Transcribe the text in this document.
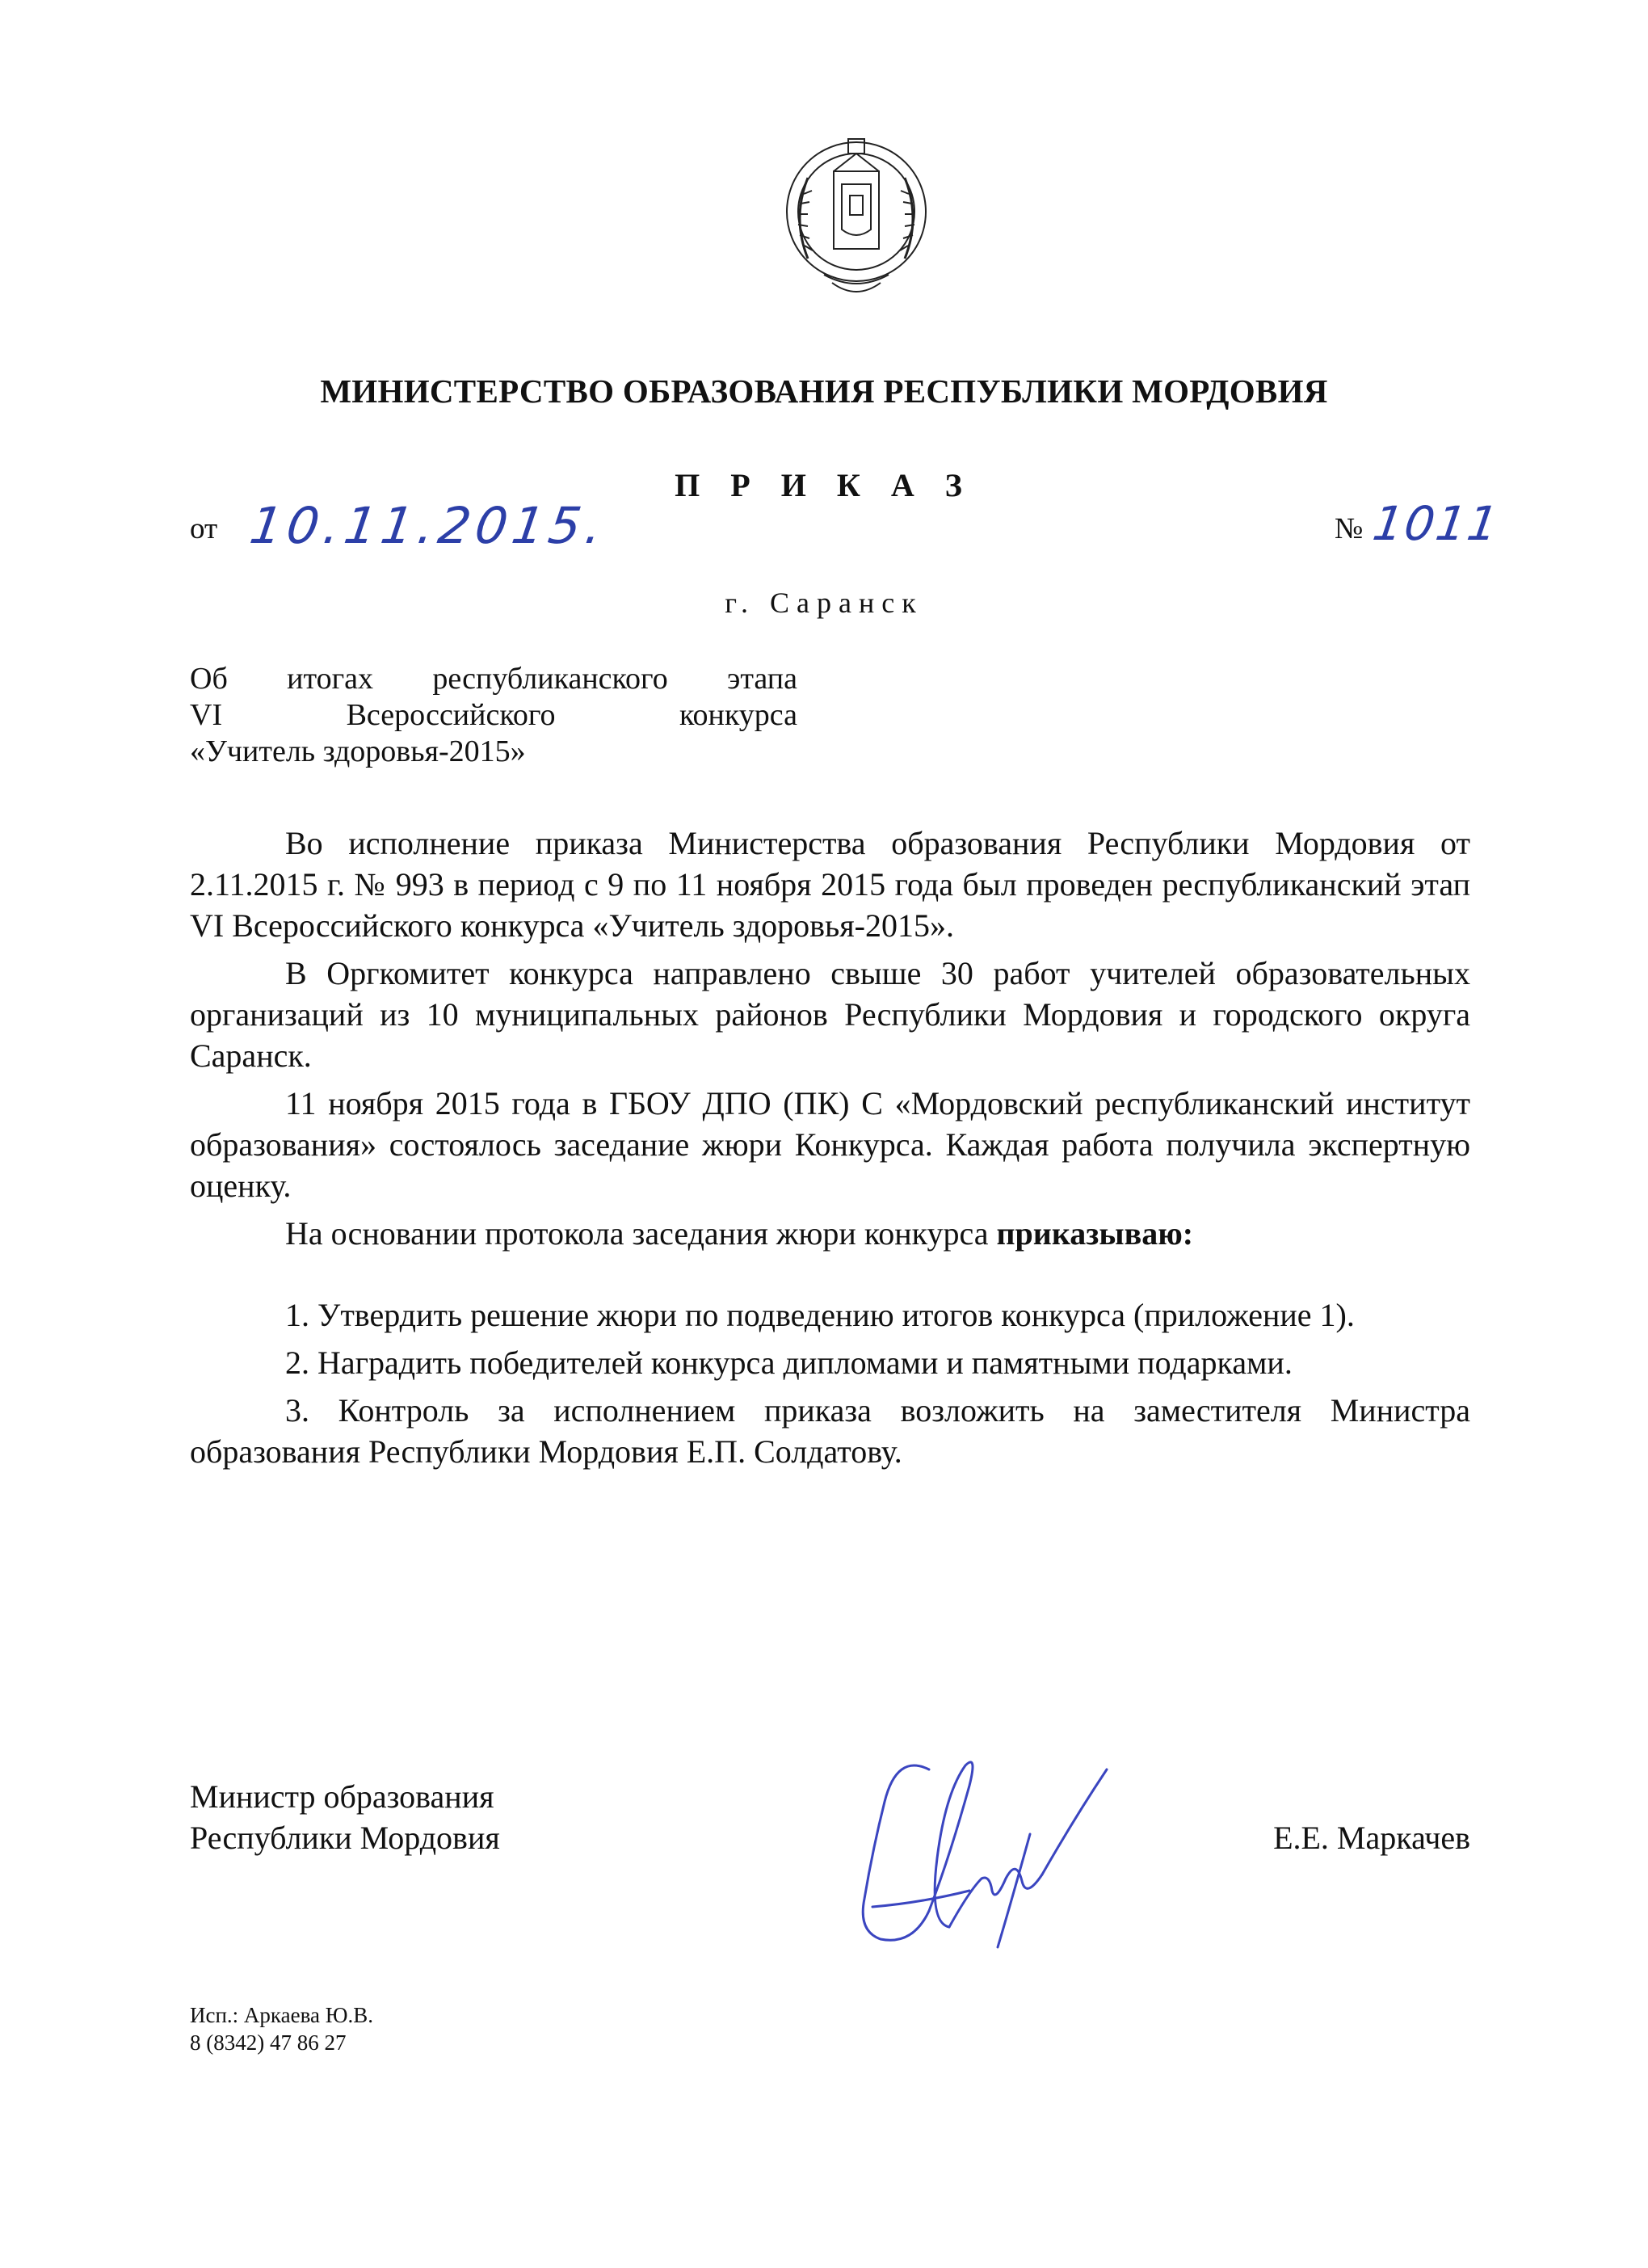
МИНИСТЕРСТВО ОБРАЗОВАНИЯ РЕСПУБЛИКИ МОРДОВИЯ
П Р И К А З
от 10.11.2015.	№ 1011
г. Саранск
Об итогах республиканского этапа
VI Всероссийского конкурса
«Учитель здоровья-2015»

Во исполнение приказа Министерства образования Республики Мордовия от 2.11.2015 г. № 993 в период с 9 по 11 ноября 2015 года был проведен республиканский этап VI Всероссийского конкурса «Учитель здоровья-2015».

В Оргкомитет конкурса направлено свыше 30 работ учителей образовательных организаций из 10 муниципальных районов Республики Мордовия и городского округа Саранск.

11 ноября 2015 года в ГБОУ ДПО (ПК) С «Мордовский республиканский институт образования» состоялось заседание жюри Конкурса. Каждая работа получила экспертную оценку.

На основании протокола заседания жюри конкурса приказываю:

1. Утвердить решение жюри по подведению итогов конкурса (приложение 1).

2. Наградить победителей конкурса дипломами и памятными подарками.

3. Контроль за исполнением приказа возложить на заместителя Министра образования Республики Мордовия Е.П. Солдатову.

Министр образования
Республики Мордовия	Е.Е. Маркачев
Исп.: Аркаева Ю.В.
8 (8342) 47 86 27
